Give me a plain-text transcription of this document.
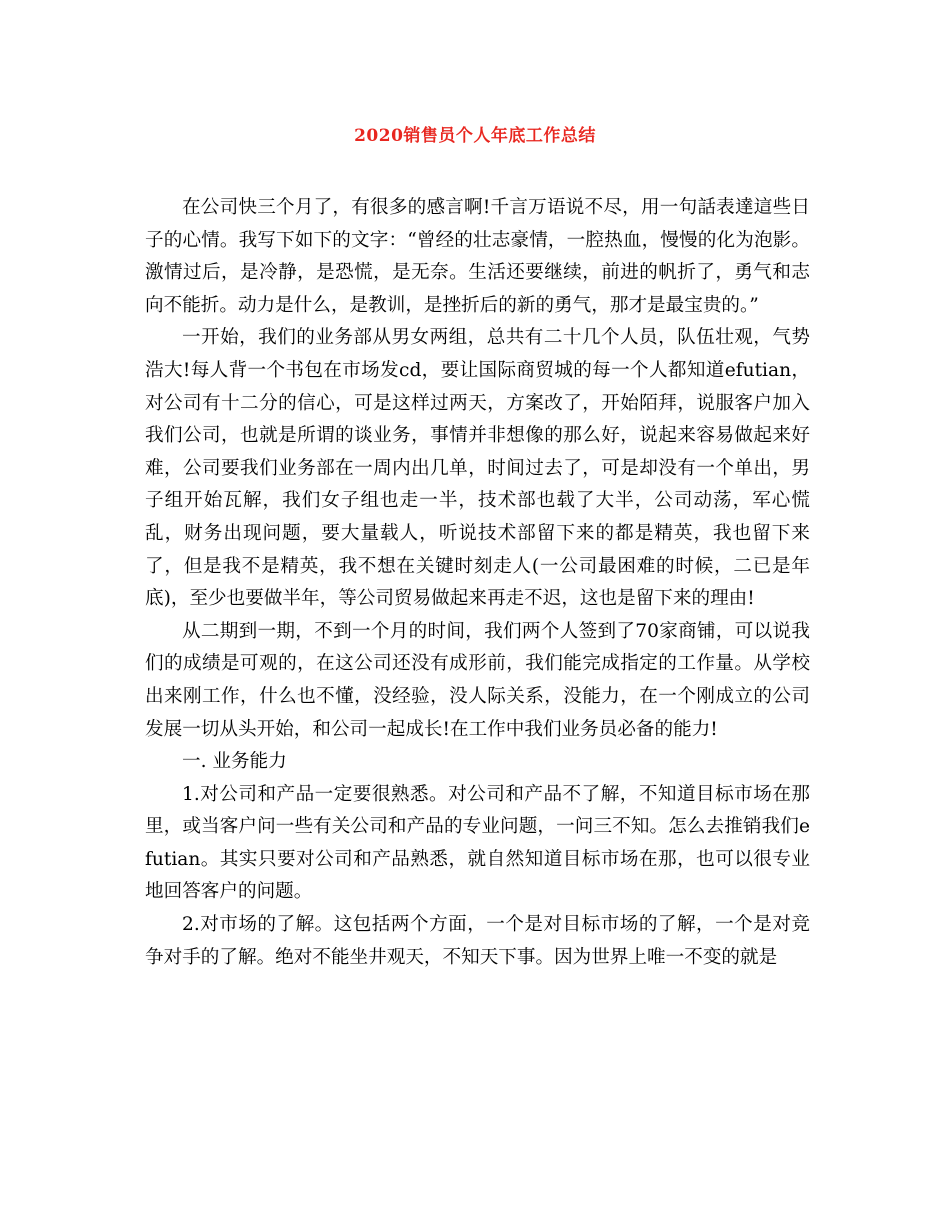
2020销售员个人年底工作总结

在公司快三个月了，有很多的感言啊!千言万语说不尽，用一句話表達這些日子的心情。我写下如下的文字：“曾经的壮志豪情，一腔热血，慢慢的化为泡影。激情过后，是冷静，是恐慌，是无奈。生活还要继续，前进的帆折了，勇气和志向不能折。动力是什么，是教训，是挫折后的新的勇气，那才是最宝贵的。”

一开始，我们的业务部从男女两组，总共有二十几个人员，队伍壮观，气势浩大!每人背一个书包在市场发cd，要让国际商贸城的每一个人都知道efutian，对公司有十二分的信心，可是这样过两天，方案改了，开始陌拜，说服客户加入我们公司，也就是所谓的谈业务，事情并非想像的那么好，说起来容易做起来好难，公司要我们业务部在一周内出几单，时间过去了，可是却没有一个单出，男子组开始瓦解，我们女子组也走一半，技术部也载了大半，公司动荡，军心慌乱，财务出现问题，要大量载人，听说技术部留下来的都是精英，我也留下来了，但是我不是精英，我不想在关键时刻走人(一公司最困难的时候，二已是年底)，至少也要做半年，等公司贸易做起来再走不迟，这也是留下来的理由!

从二期到一期，不到一个月的时间，我们两个人签到了70家商铺，可以说我们的成绩是可观的，在这公司还没有成形前，我们能完成指定的工作量。从学校出来刚工作，什么也不懂，没经验，没人际关系，没能力，在一个刚成立的公司发展一切从头开始，和公司一起成长!在工作中我们业务员必备的能力!

一. 业务能力

1.对公司和产品一定要很熟悉。对公司和产品不了解，不知道目标市场在那里，或当客户问一些有关公司和产品的专业问题，一问三不知。怎么去推销我们efutian。其实只要对公司和产品熟悉，就自然知道目标市场在那，也可以很专业地回答客户的问题。

2.对市场的了解。这包括两个方面，一个是对目标市场的了解，一个是对竞争对手的了解。绝对不能坐井观天，不知天下事。因为世界上唯一不变的就是
